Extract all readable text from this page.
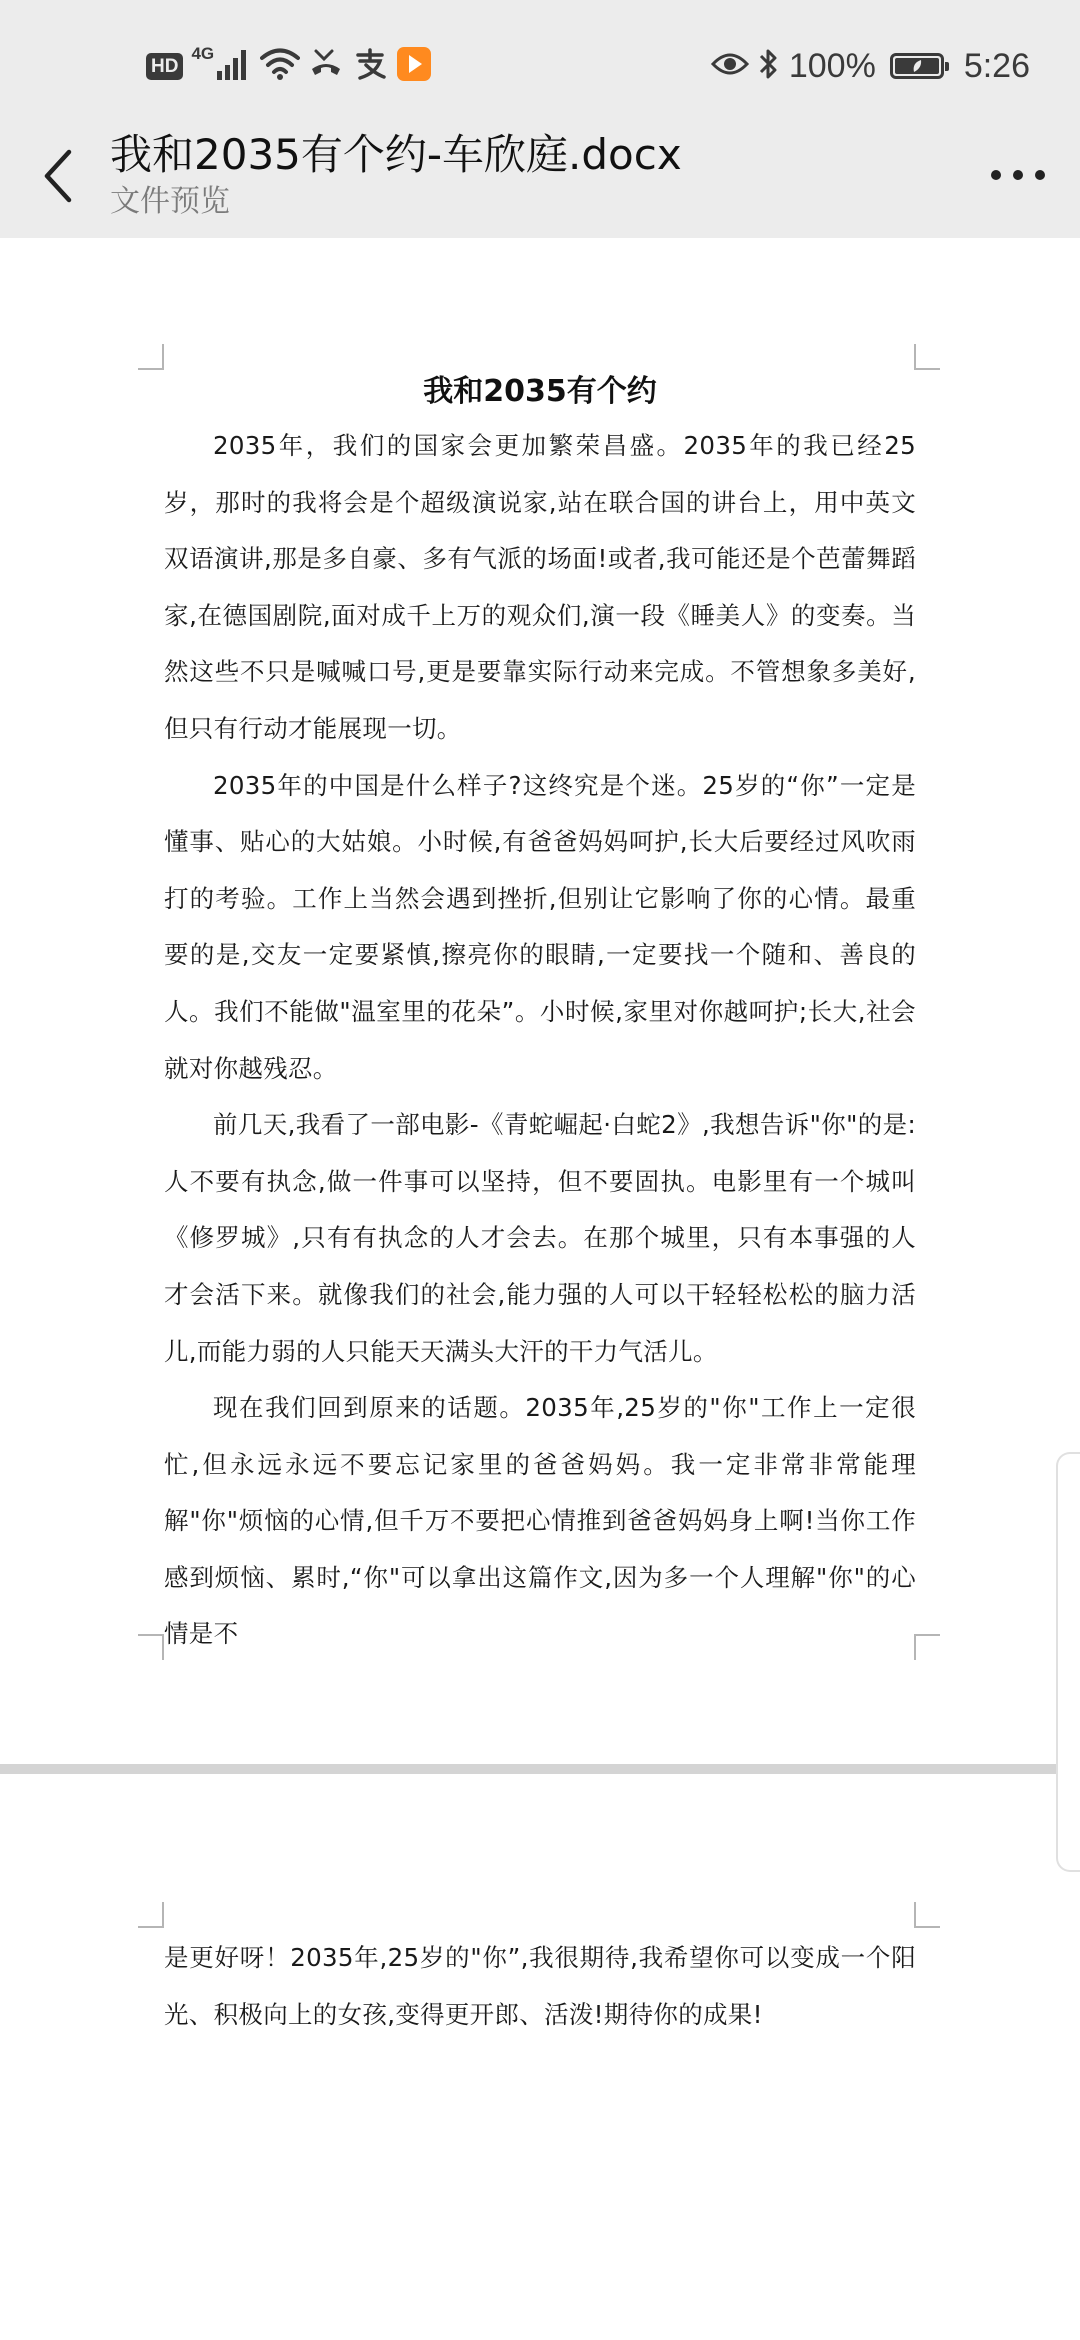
HD
4G	100%	5:26
我和2035有个约-车欣庭.docx
文件预览
我和2035有个约

2035年，我们的国家会更加繁荣昌盛。2035年的我已经25岁，那时的我将会是个超级演说家,站在联合国的讲台上，用中英文双语演讲,那是多自豪、多有气派的场面!或者,我可能还是个芭蕾舞蹈家,在德国剧院,面对成千上万的观众们,演一段《睡美人》的变奏。当然这些不只是喊喊口号,更是要靠实际行动来完成。不管想象多美好,但只有行动才能展现一切。

2035年的中国是什么样子?这终究是个迷。25岁的“你”一定是懂事、贴心的大姑娘。小时候,有爸爸妈妈呵护,长大后要经过风吹雨打的考验。工作上当然会遇到挫折,但别让它影响了你的心情。最重要的是,交友一定要紧慎,擦亮你的眼睛,一定要找一个随和、善良的人。我们不能做"温室里的花朵”。小时候,家里对你越呵护;长大,社会就对你越残忍。

前几天,我看了一部电影-《青蛇崛起·白蛇2》,我想告诉"你"的是:人不要有执念,做一件事可以坚持，但不要固执。电影里有一个城叫《修罗城》,只有有执念的人才会去。在那个城里，只有本事强的人才会活下来。就像我们的社会,能力强的人可以干轻轻松松的脑力活儿,而能力弱的人只能天天满头大汗的干力气活儿。

现在我们回到原来的话题。2035年,25岁的"你"工作上一定很忙,但永远永远不要忘记家里的爸爸妈妈。我一定非常非常能理解"你"烦恼的心情,但千万不要把心情推到爸爸妈妈身上啊!当你工作感到烦恼、累时,“你"可以拿出这篇作文,因为多一个人理解"你"的心情是不

是更好呀！2035年,25岁的"你”,我很期待,我希望你可以变成一个阳光、积极向上的女孩,变得更开郎、活泼!期待你的成果!
